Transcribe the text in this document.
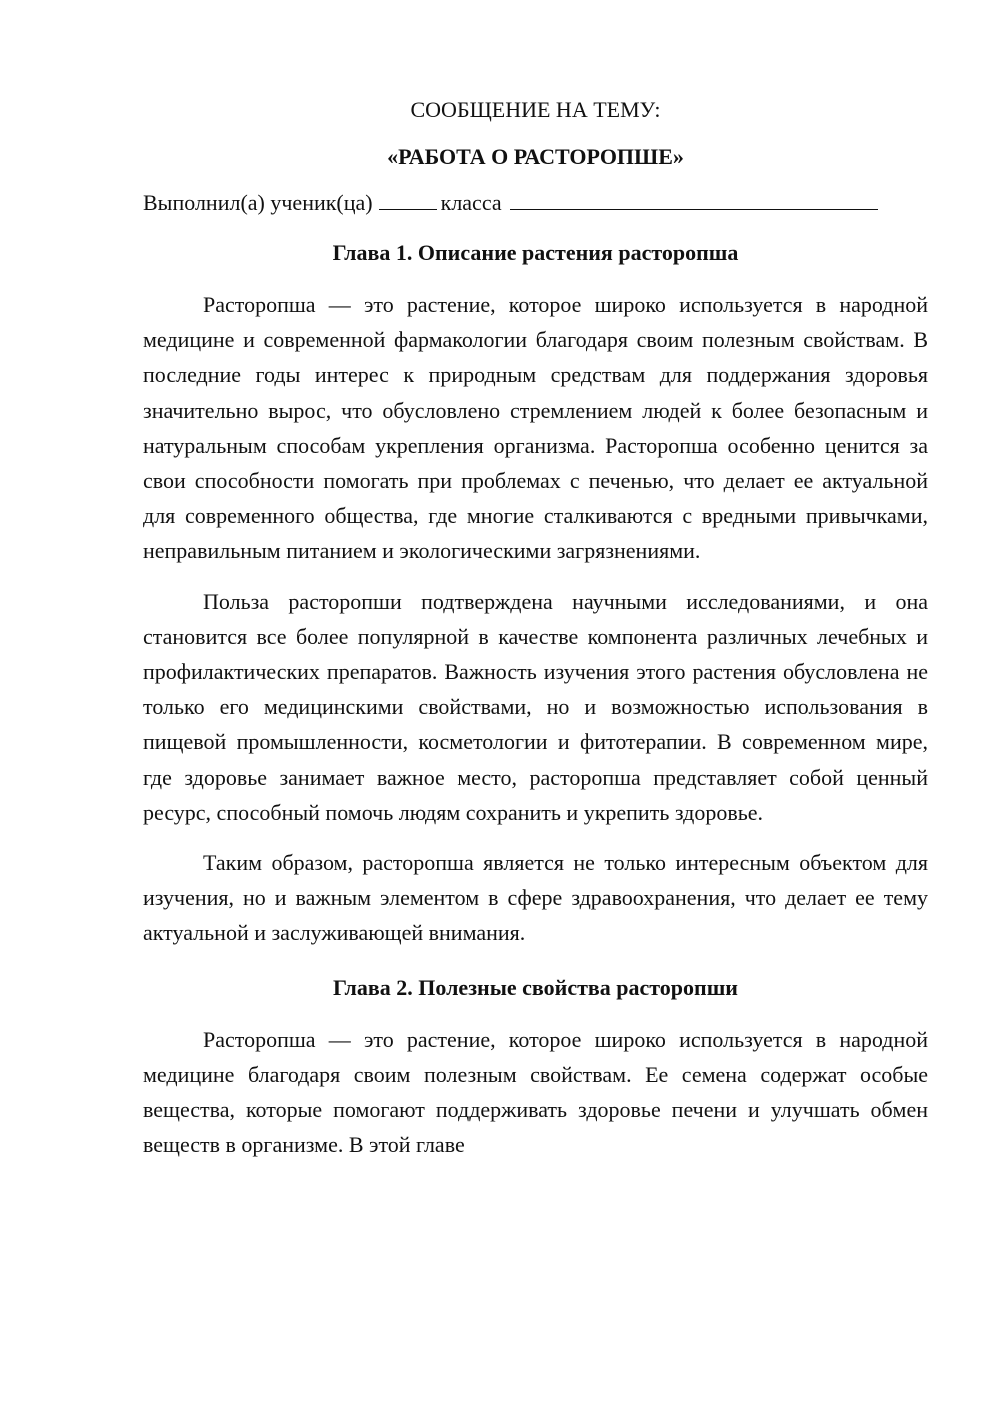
СООБЩЕНИЕ НА ТЕМУ:

«РАБОТА О РАСТОРОПШЕ»

Выполнил(а) ученик(ца)	класса

Глава 1. Описание растения расторопша

Расторопша — это растение, которое широко используется в народной медицине и современной фармакологии благодаря своим полезным свойствам. В последние годы интерес к природным средствам для поддержания здоровья значительно вырос, что обусловлено стремлением людей к более безопасным и натуральным способам укрепления организма. Расторопша особенно ценится за свои способности помогать при проблемах с печенью, что делает ее актуальной для современного общества, где многие сталкиваются с вредными привычками, неправильным питанием и экологическими загрязнениями.

Польза расторопши подтверждена научными исследованиями, и она становится все более популярной в качестве компонента различных лечебных и профилактических препаратов. Важность изучения этого растения обусловлена не только его медицинскими свойствами, но и возможностью использования в пищевой промышленности, косметологии и фитотерапии. В современном мире, где здоровье занимает важное место, расторопша представляет собой ценный ресурс, способный помочь людям сохранить и укрепить здоровье.

Таким образом, расторопша является не только интересным объектом для изучения, но и важным элементом в сфере здравоохранения, что делает ее тему актуальной и заслуживающей внимания.

Глава 2. Полезные свойства расторопши

Расторопша — это растение, которое широко используется в народной медицине благодаря своим полезным свойствам. Ее семена содержат особые вещества, которые помогают поддерживать здоровье печени и улучшать обмен веществ в организме. В этой главе
